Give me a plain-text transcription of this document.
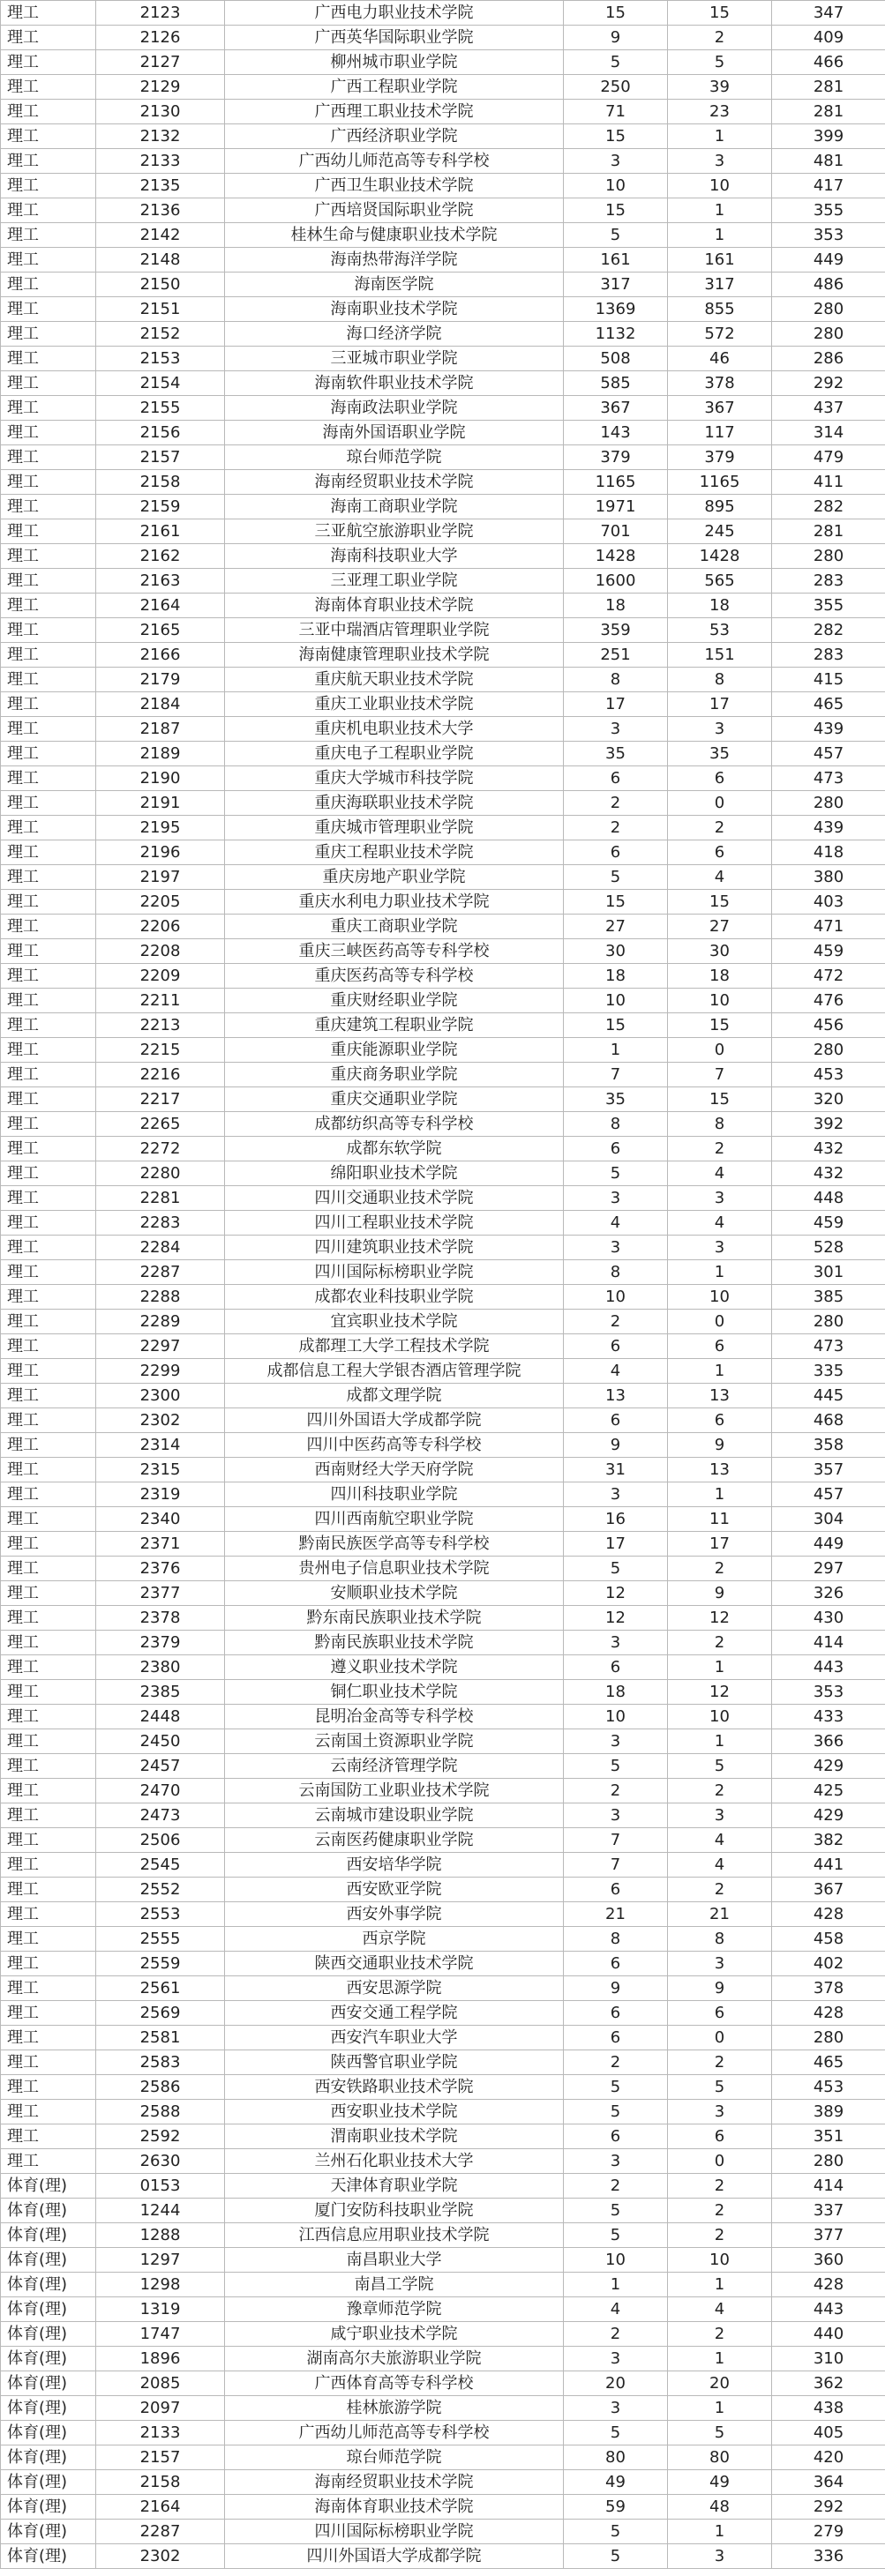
理工	2123	广西电力职业技术学院	15	15	347
理工	2126	广西英华国际职业学院	9	2	409
理工	2127	柳州城市职业学院	5	5	466
理工	2129	广西工程职业学院	250	39	281
理工	2130	广西理工职业技术学院	71	23	281
理工	2132	广西经济职业学院	15	1	399
理工	2133	广西幼儿师范高等专科学校	3	3	481
理工	2135	广西卫生职业技术学院	10	10	417
理工	2136	广西培贤国际职业学院	15	1	355
理工	2142	桂林生命与健康职业技术学院	5	1	353
理工	2148	海南热带海洋学院	161	161	449
理工	2150	海南医学院	317	317	486
理工	2151	海南职业技术学院	1369	855	280
理工	2152	海口经济学院	1132	572	280
理工	2153	三亚城市职业学院	508	46	286
理工	2154	海南软件职业技术学院	585	378	292
理工	2155	海南政法职业学院	367	367	437
理工	2156	海南外国语职业学院	143	117	314
理工	2157	琼台师范学院	379	379	479
理工	2158	海南经贸职业技术学院	1165	1165	411
理工	2159	海南工商职业学院	1971	895	282
理工	2161	三亚航空旅游职业学院	701	245	281
理工	2162	海南科技职业大学	1428	1428	280
理工	2163	三亚理工职业学院	1600	565	283
理工	2164	海南体育职业技术学院	18	18	355
理工	2165	三亚中瑞酒店管理职业学院	359	53	282
理工	2166	海南健康管理职业技术学院	251	151	283
理工	2179	重庆航天职业技术学院	8	8	415
理工	2184	重庆工业职业技术学院	17	17	465
理工	2187	重庆机电职业技术大学	3	3	439
理工	2189	重庆电子工程职业学院	35	35	457
理工	2190	重庆大学城市科技学院	6	6	473
理工	2191	重庆海联职业技术学院	2	0	280
理工	2195	重庆城市管理职业学院	2	2	439
理工	2196	重庆工程职业技术学院	6	6	418
理工	2197	重庆房地产职业学院	5	4	380
理工	2205	重庆水利电力职业技术学院	15	15	403
理工	2206	重庆工商职业学院	27	27	471
理工	2208	重庆三峡医药高等专科学校	30	30	459
理工	2209	重庆医药高等专科学校	18	18	472
理工	2211	重庆财经职业学院	10	10	476
理工	2213	重庆建筑工程职业学院	15	15	456
理工	2215	重庆能源职业学院	1	0	280
理工	2216	重庆商务职业学院	7	7	453
理工	2217	重庆交通职业学院	35	15	320
理工	2265	成都纺织高等专科学校	8	8	392
理工	2272	成都东软学院	6	2	432
理工	2280	绵阳职业技术学院	5	4	432
理工	2281	四川交通职业技术学院	3	3	448
理工	2283	四川工程职业技术学院	4	4	459
理工	2284	四川建筑职业技术学院	3	3	528
理工	2287	四川国际标榜职业学院	8	1	301
理工	2288	成都农业科技职业学院	10	10	385
理工	2289	宜宾职业技术学院	2	0	280
理工	2297	成都理工大学工程技术学院	6	6	473
理工	2299	成都信息工程大学银杏酒店管理学院	4	1	335
理工	2300	成都文理学院	13	13	445
理工	2302	四川外国语大学成都学院	6	6	468
理工	2314	四川中医药高等专科学校	9	9	358
理工	2315	西南财经大学天府学院	31	13	357
理工	2319	四川科技职业学院	3	1	457
理工	2340	四川西南航空职业学院	16	11	304
理工	2371	黔南民族医学高等专科学校	17	17	449
理工	2376	贵州电子信息职业技术学院	5	2	297
理工	2377	安顺职业技术学院	12	9	326
理工	2378	黔东南民族职业技术学院	12	12	430
理工	2379	黔南民族职业技术学院	3	2	414
理工	2380	遵义职业技术学院	6	1	443
理工	2385	铜仁职业技术学院	18	12	353
理工	2448	昆明冶金高等专科学校	10	10	433
理工	2450	云南国土资源职业学院	3	1	366
理工	2457	云南经济管理学院	5	5	429
理工	2470	云南国防工业职业技术学院	2	2	425
理工	2473	云南城市建设职业学院	3	3	429
理工	2506	云南医药健康职业学院	7	4	382
理工	2545	西安培华学院	7	4	441
理工	2552	西安欧亚学院	6	2	367
理工	2553	西安外事学院	21	21	428
理工	2555	西京学院	8	8	458
理工	2559	陕西交通职业技术学院	6	3	402
理工	2561	西安思源学院	9	9	378
理工	2569	西安交通工程学院	6	6	428
理工	2581	西安汽车职业大学	6	0	280
理工	2583	陕西警官职业学院	2	2	465
理工	2586	西安铁路职业技术学院	5	5	453
理工	2588	西安职业技术学院	5	3	389
理工	2592	渭南职业技术学院	6	6	351
理工	2630	兰州石化职业技术大学	3	0	280
体育(理)	0153	天津体育职业学院	2	2	414
体育(理)	1244	厦门安防科技职业学院	5	2	337
体育(理)	1288	江西信息应用职业技术学院	5	2	377
体育(理)	1297	南昌职业大学	10	10	360
体育(理)	1298	南昌工学院	1	1	428
体育(理)	1319	豫章师范学院	4	4	443
体育(理)	1747	咸宁职业技术学院	2	2	440
体育(理)	1896	湖南高尔夫旅游职业学院	3	1	310
体育(理)	2085	广西体育高等专科学校	20	20	362
体育(理)	2097	桂林旅游学院	3	1	438
体育(理)	2133	广西幼儿师范高等专科学校	5	5	405
体育(理)	2157	琼台师范学院	80	80	420
体育(理)	2158	海南经贸职业技术学院	49	49	364
体育(理)	2164	海南体育职业技术学院	59	48	292
体育(理)	2287	四川国际标榜职业学院	5	1	279
体育(理)	2302	四川外国语大学成都学院	5	3	336
